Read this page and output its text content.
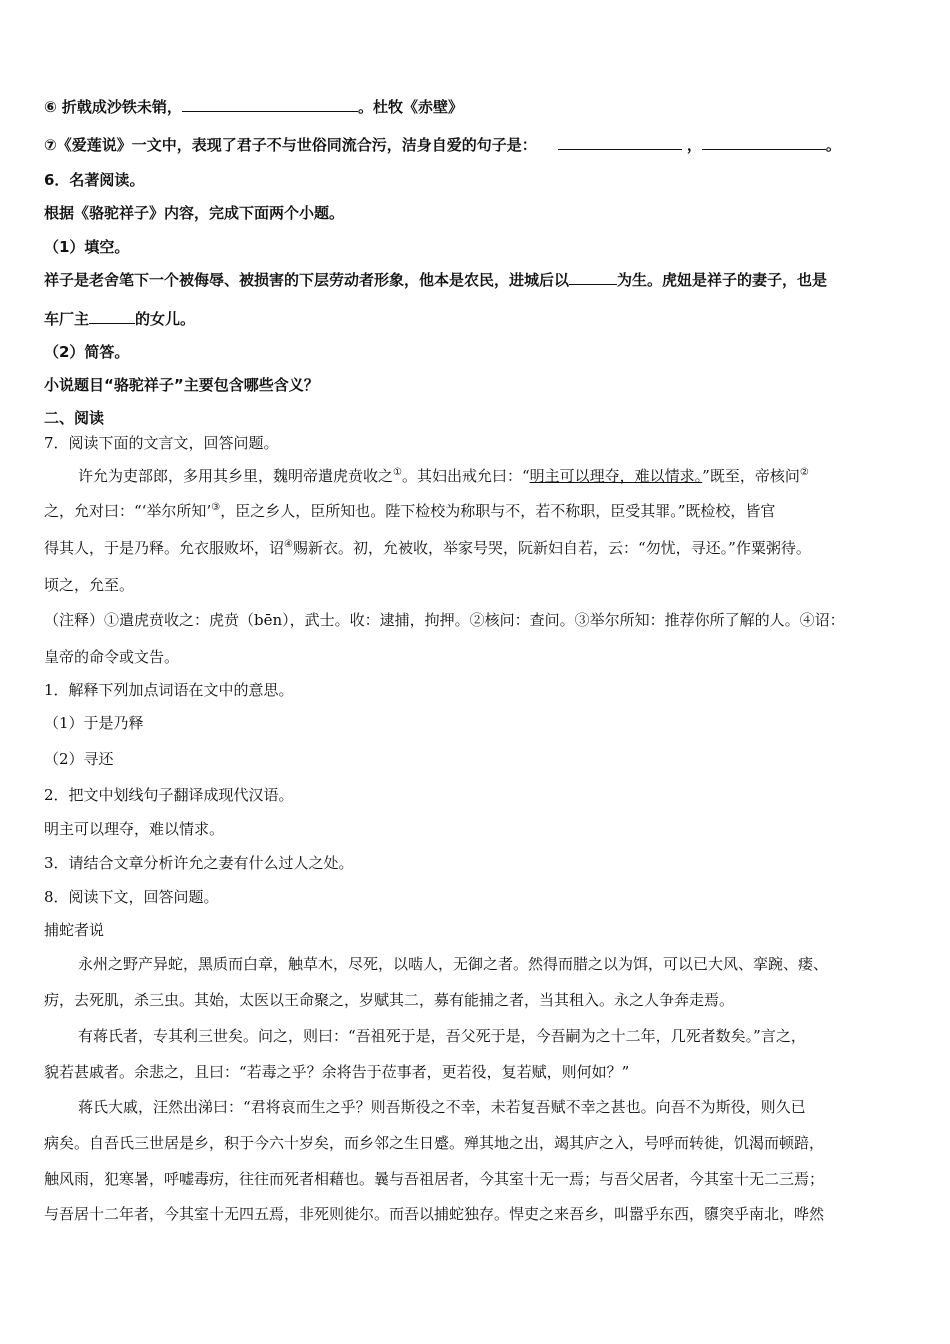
⑥ 折戟成沙铁未销，	。杜牧《赤壁》
⑦《爱莲说》一文中，表现了君子不与世俗同流合污，洁身自爱的句子是：	，	。
6．名著阅读。
根据《骆驼祥子》内容，完成下面两个小题。
（1）填空。
祥子是老舍笔下一个被侮辱、被损害的下层劳动者形象，他本是农民，进城后以	为生。虎妞是祥子的妻子，也是
车厂主	的女儿。
（2）简答。
小说题目“骆驼祥子”主要包含哪些含义？
二、阅读
7．阅读下面的文言文，回答问题。
许允为吏部郎，多用其乡里，魏明帝遣虎贲收之①。其妇出戒允曰：“明主可以理夺，难以情求。”既至，帝核问②
之，允对曰：“‘举尔所知’③，臣之乡人，臣所知也。陛下检校为称职与不，若不称职，臣受其罪。”既检校，皆官
得其人，于是乃释。允衣服败坏，诏④赐新衣。初，允被收，举家号哭，阮新妇自若，云：“勿忧，寻还。”作粟粥待。
顷之，允至。
（注释）①遣虎贲收之：虎贲（bēn），武士。收：逮捕，拘押。②核问：查问。③举尔所知：推荐你所了解的人。④诏：
皇帝的命令或文告。
1．解释下列加点词语在文中的意思。
（1）于是乃释
（2）寻还
2．把文中划线句子翻译成现代汉语。
明主可以理夺，难以情求。
3．请结合文章分析许允之妻有什么过人之处。
8．阅读下文，回答问题。
捕蛇者说
永州之野产异蛇，黑质而白章，触草木，尽死，以啮人，无御之者。然得而腊之以为饵，可以已大风、挛踠、瘘、
疠，去死肌，杀三虫。其始，太医以王命聚之，岁赋其二，募有能捕之者，当其租入。永之人争奔走焉。
有蒋氏者，专其利三世矣。问之，则曰：“吾祖死于是，吾父死于是，今吾嗣为之十二年，几死者数矣。”言之，
貌若甚戚者。余悲之，且曰：“若毒之乎？余将告于莅事者，更若役，复若赋，则何如？”
蒋氏大戚，汪然出涕曰：“君将哀而生之乎？则吾斯役之不幸，未若复吾赋不幸之甚也。向吾不为斯役，则久已
病矣。自吾氏三世居是乡，积于今六十岁矣，而乡邻之生日蹙。殚其地之出，竭其庐之入，号呼而转徙，饥渴而顿踣，
触风雨，犯寒暑，呼嘘毒疠，往往而死者相藉也。曩与吾祖居者，今其室十无一焉；与吾父居者，今其室十无二三焉；
与吾居十二年者，今其室十无四五焉，非死则徙尔。而吾以捕蛇独存。悍吏之来吾乡，叫嚣乎东西，隳突乎南北，哗然
